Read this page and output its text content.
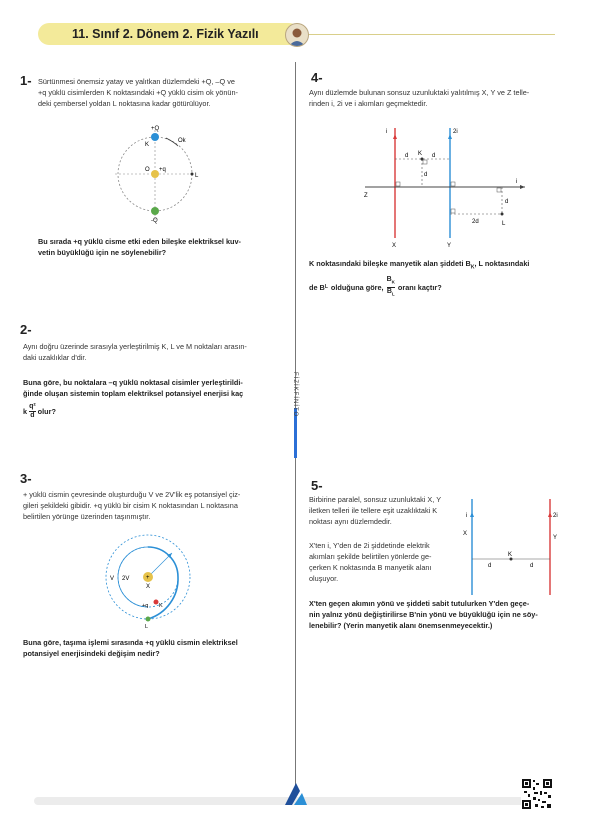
11. Sınıf 2. Dönem 2. Fizik Yazılı
FİZİKFİNİTO
1- Sürtünmesi önemsiz yatay ve yalıtkan düzlemdeki +Q, –Q ve
+q yüklü cisimlerden K noktasındaki +Q yüklü cisim ok yönün-
deki çembersel yoldan L noktasına kadar götürülüyor.
+Q
K
Ok
O +q
L
-Q
Bu sırada +q yüklü cisme etki eden bileşke elektriksel kuv-
vetin büyüklüğü için ne söylenebilir?
2-
Aynı doğru üzerinde sırasıyla yerleştirilmiş K, L ve M noktaları arasın-
daki uzaklıklar d'dir.
Buna göre, bu noktalara –q yüklü noktasal cisimler yerleştirildi-
ğinde oluşan sistemin toplam elektriksel potansiyel enerjisi kaç
k
q²
d olur?
3-
+ yüklü cismin çevresinde oluşturduğu V ve 2V'lik eş potansiyel çiz-
gileri şekildeki gibidir. +q yüklü bir cisim K noktasından L noktasına
belirtilen yörünge üzerinden taşınmıştır.
V 2V	+
X
+q K
L
Buna göre, taşıma işlemi sırasında +q yüklü cismin elektriksel
potansiyel enerjisindeki değişim nedir?
4-
Aynı düzlemde bulunan sonsuz uzunluktaki yalıtılmış X, Y ve Z telle-
rinden i, 2i ve i akımları geçmektedir.
i	2i
i
d K d
d
Z
X	Y
2d
d
L
K noktasındaki bileşke manyetik alan şiddeti $B_K$, L noktasındaki
de B L olduğuna göre,
$B_K$
$B_L$
oranı kaçtır?
5-
Birbirine paralel, sonsuz uzunluktaki X, Y
iletken telleri ile tellere eşit uzaklıktaki K
noktası aynı düzlemdedir.
X'ten i, Y'den de 2i şiddetinde elektrik
akımları şekilde belirtilen yönlerde ge-
çerken K noktasında B manyetik alanı
oluşuyor.
i	2i
X
Y
K
d	d
X'ten geçen akımın yönü ve şiddeti sabit tutulurken Y'den geçe-
nin yalnız yönü değiştirilirse B'nin yönü ve büyüklüğü için ne söy-
lenebilir? (Yerin manyetik alanı önemsenmeyecektir.)
